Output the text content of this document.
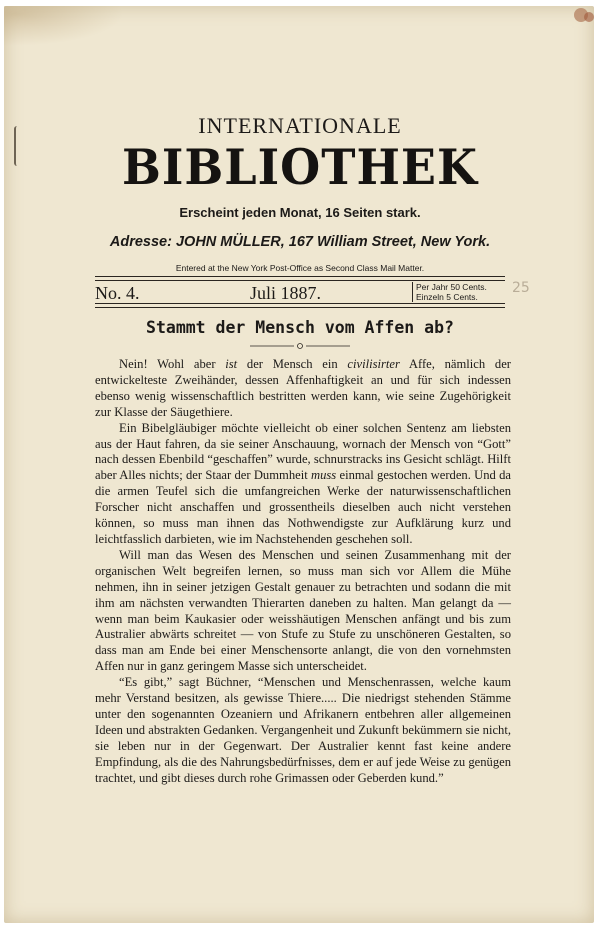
INTERNATIONALE
BIBLIOTHEK
Erscheint jeden Monat, 16 Seiten stark.
Adresse: JOHN MÜLLER, 167 William Street, New York.
Entered at the New York Post-Office as Second Class Mail Matter.
No. 4.	Juli 1887.	Per Jahr 50 Cents.
Einzeln 5 Cents.
25
Stammt der Mensch vom Affen ab?

Nein! Wohl aber ist der Mensch ein civilisirter Affe, nämlich der entwickelteste Zweihänder, dessen Affenhaftigkeit an und für sich indessen ebenso wenig wissenschaftlich bestritten werden kann, wie seine Zugehörigkeit zur Klasse der Säugethiere.

Ein Bibelgläubiger möchte vielleicht ob einer solchen Sentenz am liebsten aus der Haut fahren, da sie seiner Anschauung, wornach der Mensch von “Gott” nach dessen Ebenbild “geschaffen” wurde, schnurstracks ins Gesicht schlägt. Hilft aber Alles nichts; der Staar der Dummheit muss einmal gestochen werden. Und da die armen Teufel sich die umfangreichen Werke der naturwissenschaftlichen Forscher nicht anschaffen und grossentheils dieselben auch nicht verstehen können, so muss man ihnen das Nothwendigste zur Aufklärung kurz und leichtfasslich darbieten, wie im Nachstehenden geschehen soll.

Will man das Wesen des Menschen und seinen Zusammenhang mit der organischen Welt begreifen lernen, so muss man sich vor Allem die Mühe nehmen, ihn in seiner jetzigen Gestalt genauer zu betrachten und sodann die mit ihm am nächsten verwandten Thierarten daneben zu halten. Man gelangt da — wenn man beim Kaukasier oder weisshäutigen Menschen anfängt und bis zum Australier abwärts schreitet — von Stufe zu Stufe zu unschöneren Gestalten, so dass man am Ende bei einer Menschensorte anlangt, die von den vornehmsten Affen nur in ganz geringem Masse sich unterscheidet.

“Es gibt,” sagt Büchner, “Menschen und Menschenrassen, welche kaum mehr Verstand besitzen, als gewisse Thiere..... Die niedrigst stehenden Stämme unter den sogenannten Ozeaniern und Afrikanern entbehren aller allgemeinen Ideen und abstrakten Gedanken. Vergangenheit und Zukunft bekümmern sie nicht, sie leben nur in der Gegenwart. Der Australier kennt fast keine andere Empfindung, als die des Nahrungsbedürfnisses, dem er auf jede Weise zu genügen trachtet, und gibt dieses durch rohe Grimassen oder Geberden kund.”
